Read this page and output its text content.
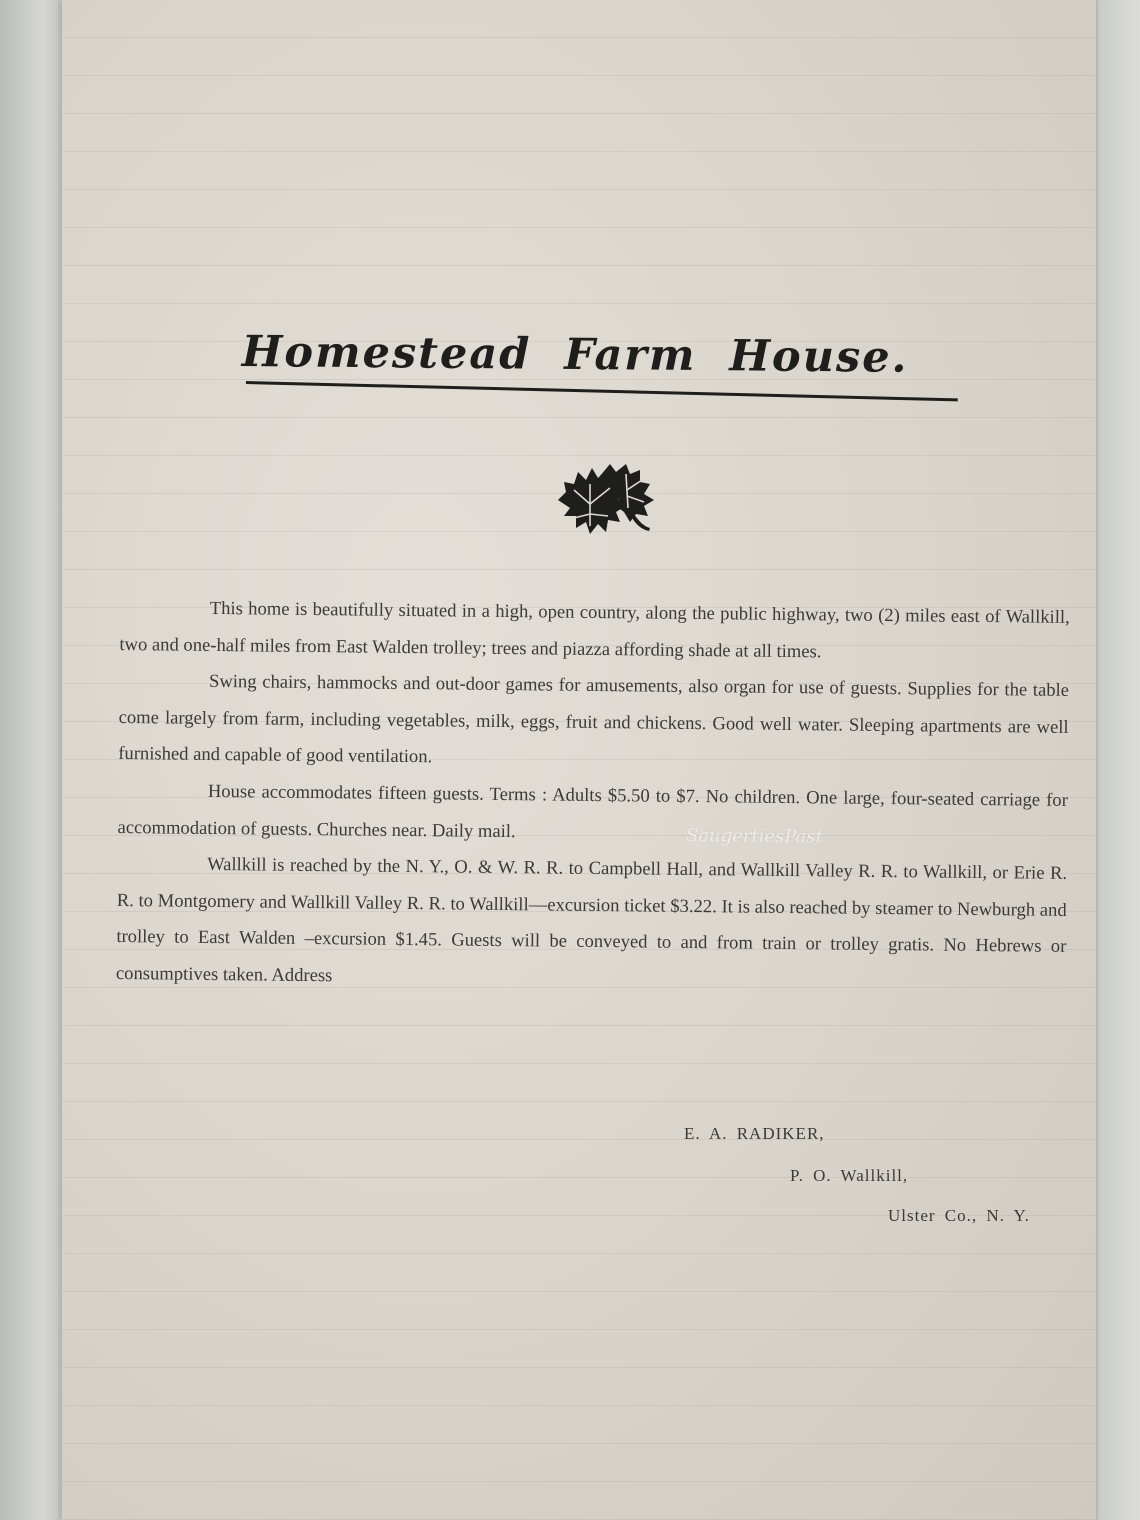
Homestead Farm House.

This home is beautifully situated in a high, open country, along the public highway, two (2) miles east of Wallkill, two and one-half miles from East Walden trolley; trees and piazza affording shade at all times.

Swing chairs, hammocks and out-door games for amusements, also organ for use of guests. Supplies for the table come largely from farm, including vegetables, milk, eggs, fruit and chickens. Good well water. Sleeping apartments are well furnished and capable of good ventilation.

House accommodates fifteen guests. Terms : Adults $5.50 to $7. No children. One large, four-seated carriage for accommodation of guests. Churches near. Daily mail.

Wallkill is reached by the N. Y., O. & W. R. R. to Campbell Hall, and Wallkill Valley R. R. to Wallkill, or Erie R. R. to Montgomery and Wallkill Valley R. R. to Wallkill—excursion ticket $3.22. It is also reached by steamer to Newburgh and trolley to East Walden –excursion $1.45. Guests will be conveyed to and from train or trolley gratis. No Hebrews or consumptives taken. Address

SaugertiesPast
E. A. RADIKER,
P. O. Wallkill,
Ulster Co., N. Y.
